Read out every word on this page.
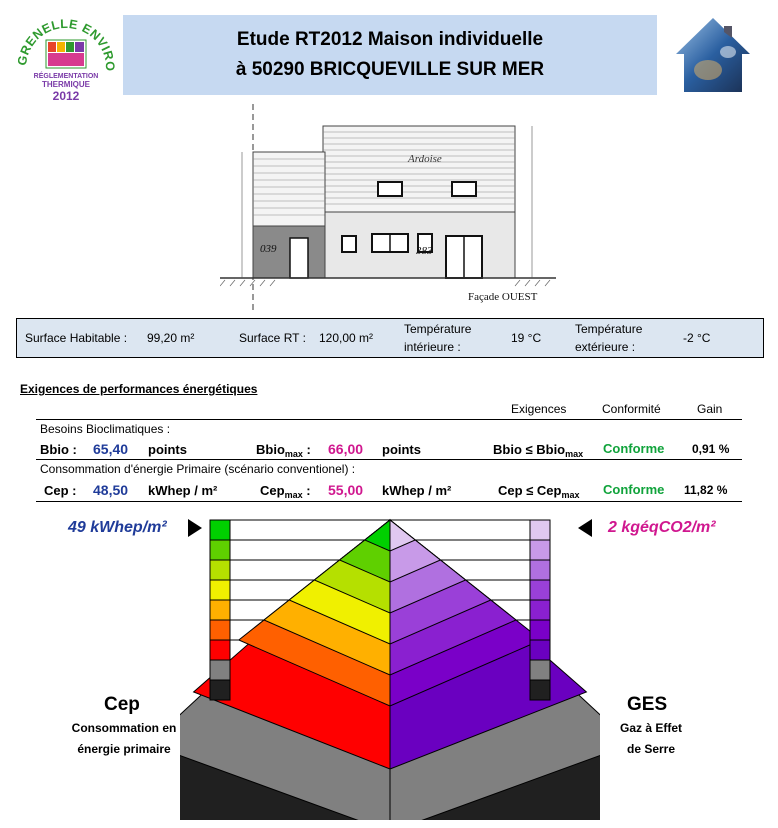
GRENELLE ENVIRO
RÉGLEMENTATION
THERMIQUE
2012
Etude RT2012 Maison individuelle
à 50290 BRICQUEVILLE SUR MER
Ardoise
039	383
Façade OUEST
Surface Habitable : 99,20 m²	Surface RT : 120,00 m²
Température
intérieure :
19 °C
Température
extérieure :
-2 °C
Exigences de performances énergétiques
Exigences	Conformité	Gain
Besoins Bioclimatiques :
Bbio : 65,40 points	Bbio$_{max}$ : 66,00 points	Bbio ≤ Bbio$_{max}$ Conforme 0,91 %
Consommation d'énergie Primaire (scénario conventionel) :
Cep : 48,50 kWhep / m²	Cep$_{max}$ : 55,00 kWhep / m²	Cep ≤ Cep$_{max}$ Conforme 11,82 %
49 kWhep/m²	2 kgéqCO2/m²
Cep
Consommation en
énergie primaire
GES
Gaz à Effet
de Serre
